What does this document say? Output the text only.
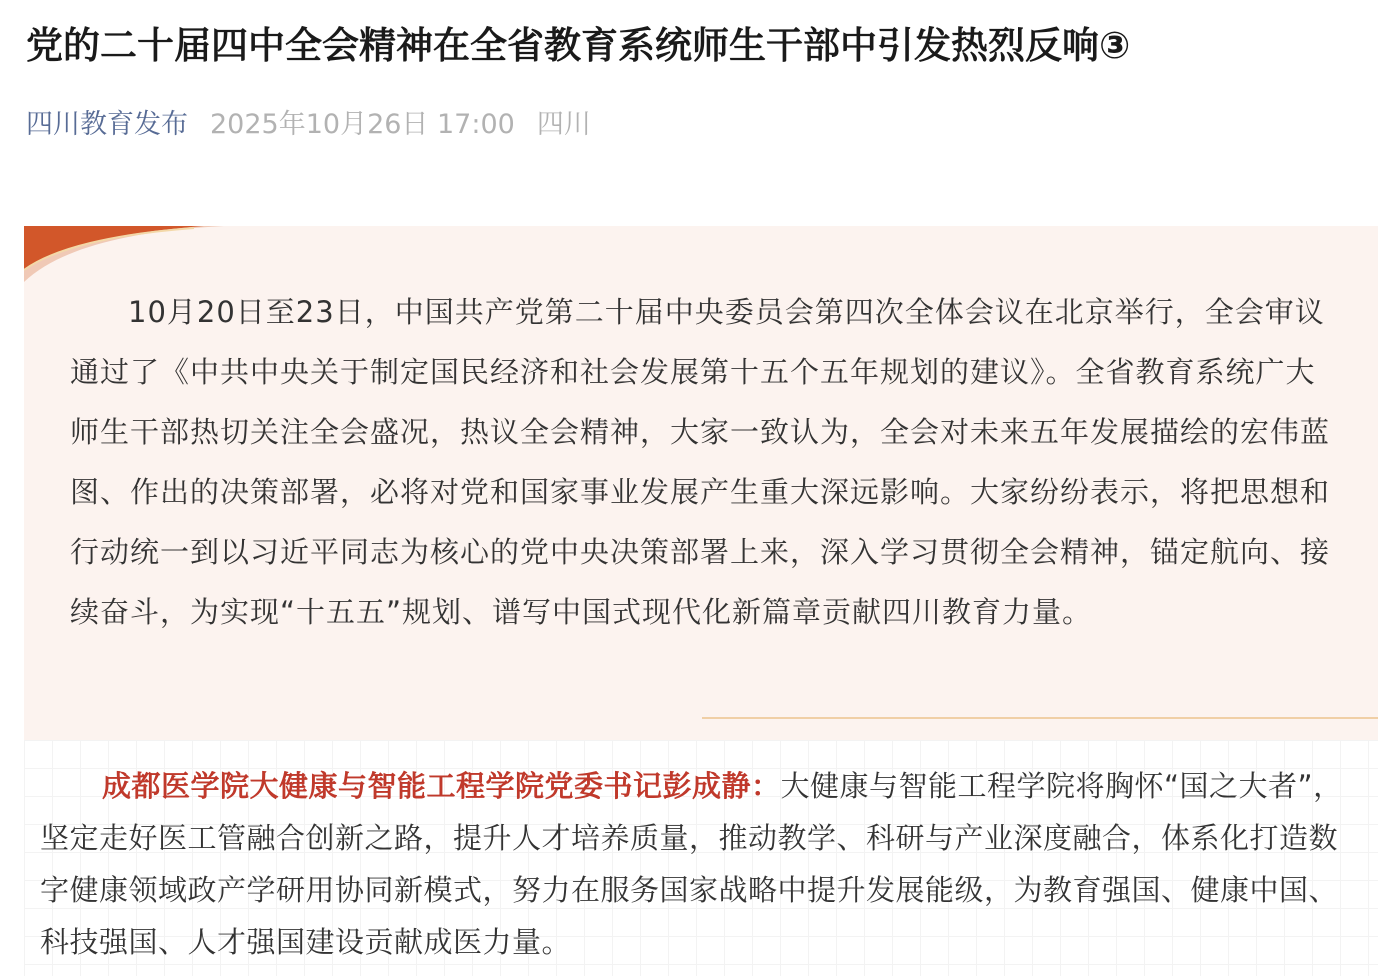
党的二十届四中全会精神在全省教育系统师生干部中引发热烈反响③
四川教育发布 2025年10月26日 17:00 四川

10月20日至23日，中国共产党第二十届中央委员会第四次全体会议在北京举行，全会审议通过了《中共中央关于制定国民经济和社会发展第十五个五年规划的建议》。全省教育系统广大师生干部热切关注全会盛况，热议全会精神，大家一致认为，全会对未来五年发展描绘的宏伟蓝图、作出的决策部署，必将对党和国家事业发展产生重大深远影响。大家纷纷表示，将把思想和行动统一到以习近平同志为核心的党中央决策部署上来，深入学习贯彻全会精神，锚定航向、接续奋斗，为实现“十五五”规划、谱写中国式现代化新篇章贡献四川教育力量。

成都医学院大健康与智能工程学院党委书记彭成静：大健康与智能工程学院将胸怀“国之大者”，坚定走好医工管融合创新之路，提升人才培养质量，推动教学、科研与产业深度融合，体系化打造数字健康领域政产学研用协同新模式，努力在服务国家战略中提升发展能级，为教育强国、健康中国、科技强国、人才强国建设贡献成医力量。
